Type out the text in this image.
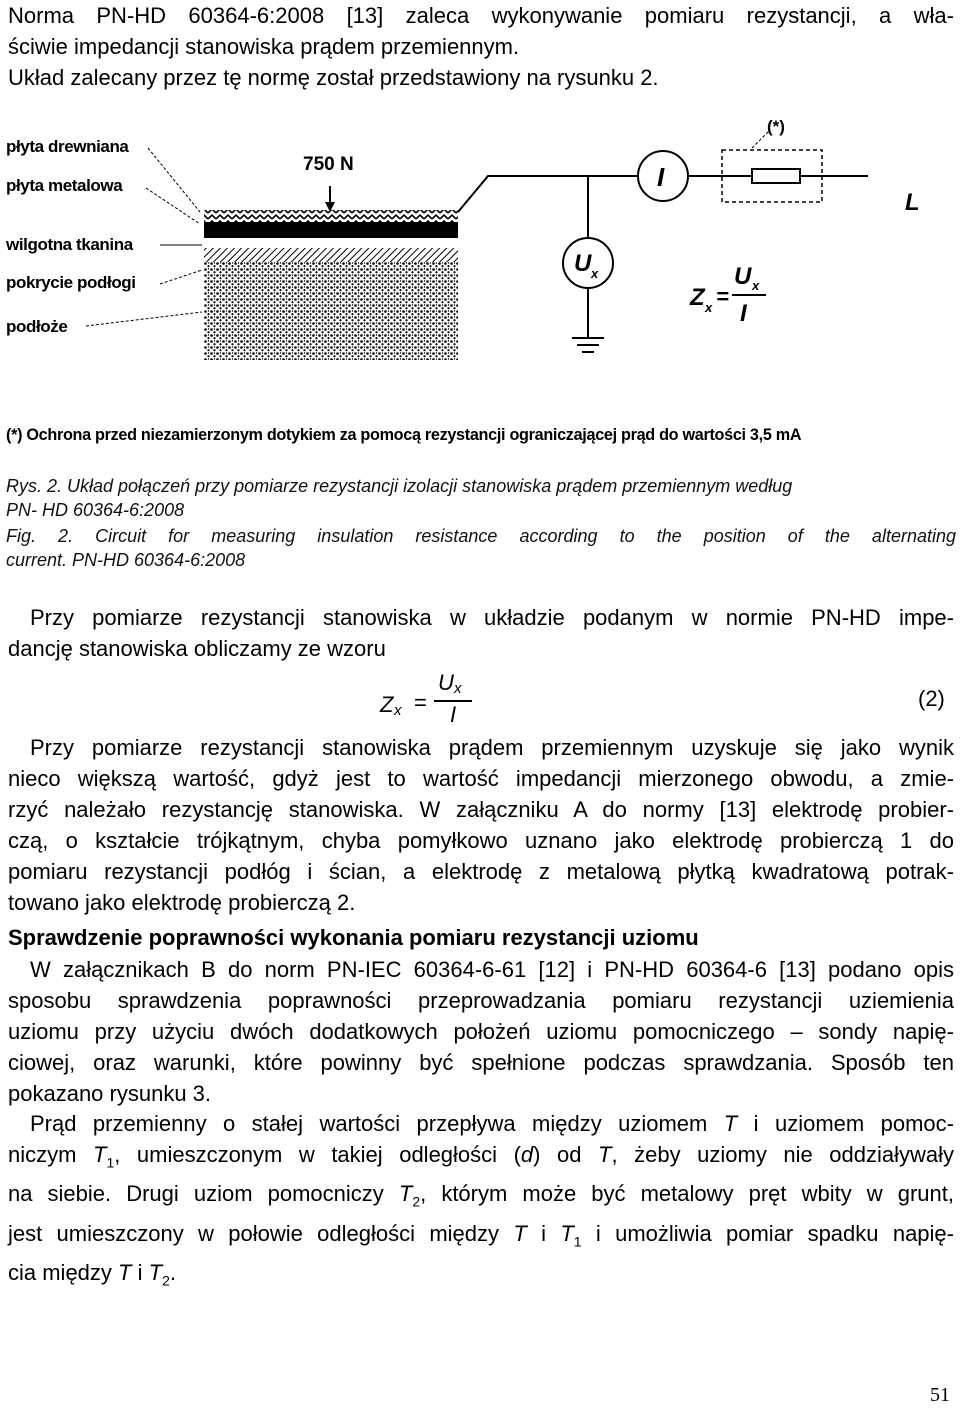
Norma PN-HD 60364-6:2008 [13] zaleca wykonywanie pomiaru rezystancji, a wła-

ściwie impedancji stanowiska prądem przemiennym.

Układ zalecany przez tę normę został przedstawiony na rysunku 2.

płyta drewniana
płyta metalowa
wilgotna tkanina
pokrycie podłogi
podłoże
750 N	I
U x
(*)
L
Z x =
U x
I
(*) Ochrona przed niezamierzonym dotykiem za pomocą rezystancji ograniczającej prąd do wartości 3,5 mA

Rys. 2. Układ połączeń przy pomiarze rezystancji izolacji stanowiska prądem przemiennym według

PN- HD 60364-6:2008

Fig. 2. Circuit for measuring insulation resistance according to the position of the alternating

current. PN-HD 60364-6:2008

Przy pomiarze rezystancji stanowiska w układzie podanym w normie PN-HD impe-

dancję stanowiska obliczamy ze wzoru

Z x =
U x
I
(2)

Przy pomiarze rezystancji stanowiska prądem przemiennym uzyskuje się jako wynik

nieco większą wartość, gdyż jest to wartość impedancji mierzonego obwodu, a zmie-

rzyć należało rezystancję stanowiska. W załączniku A do normy [13] elektrodę probier-

czą, o kształcie trójkątnym, chyba pomyłkowo uznano jako elektrodę probierczą 1 do

pomiaru rezystancji podłóg i ścian, a elektrodę z metalową płytką kwadratową potrak-

towano jako elektrodę probierczą 2.

Sprawdzenie poprawności wykonania pomiaru rezystancji uziomu

W załącznikach B do norm PN-IEC 60364-6-61 [12] i PN-HD 60364-6 [13] podano opis

sposobu sprawdzenia poprawności przeprowadzania pomiaru rezystancji uziemienia

uziomu przy użyciu dwóch dodatkowych położeń uziomu pomocniczego – sondy napię-

ciowej, oraz warunki, które powinny być spełnione podczas sprawdzania. Sposób ten

pokazano rysunku 3.

Prąd przemienny o stałej wartości przepływa między uziomem T i uziomem pomoc-

niczym $T_1$, umieszczonym w takiej odległości (d) od T, żeby uziomy nie oddziaływały

na siebie. Drugi uziom pomocniczy $T_2$, którym może być metalowy pręt wbity w grunt,

jest umieszczony w połowie odległości między T i $T_1$ i umożliwia pomiar spadku napię-

cia między T i $T_2$.

51
